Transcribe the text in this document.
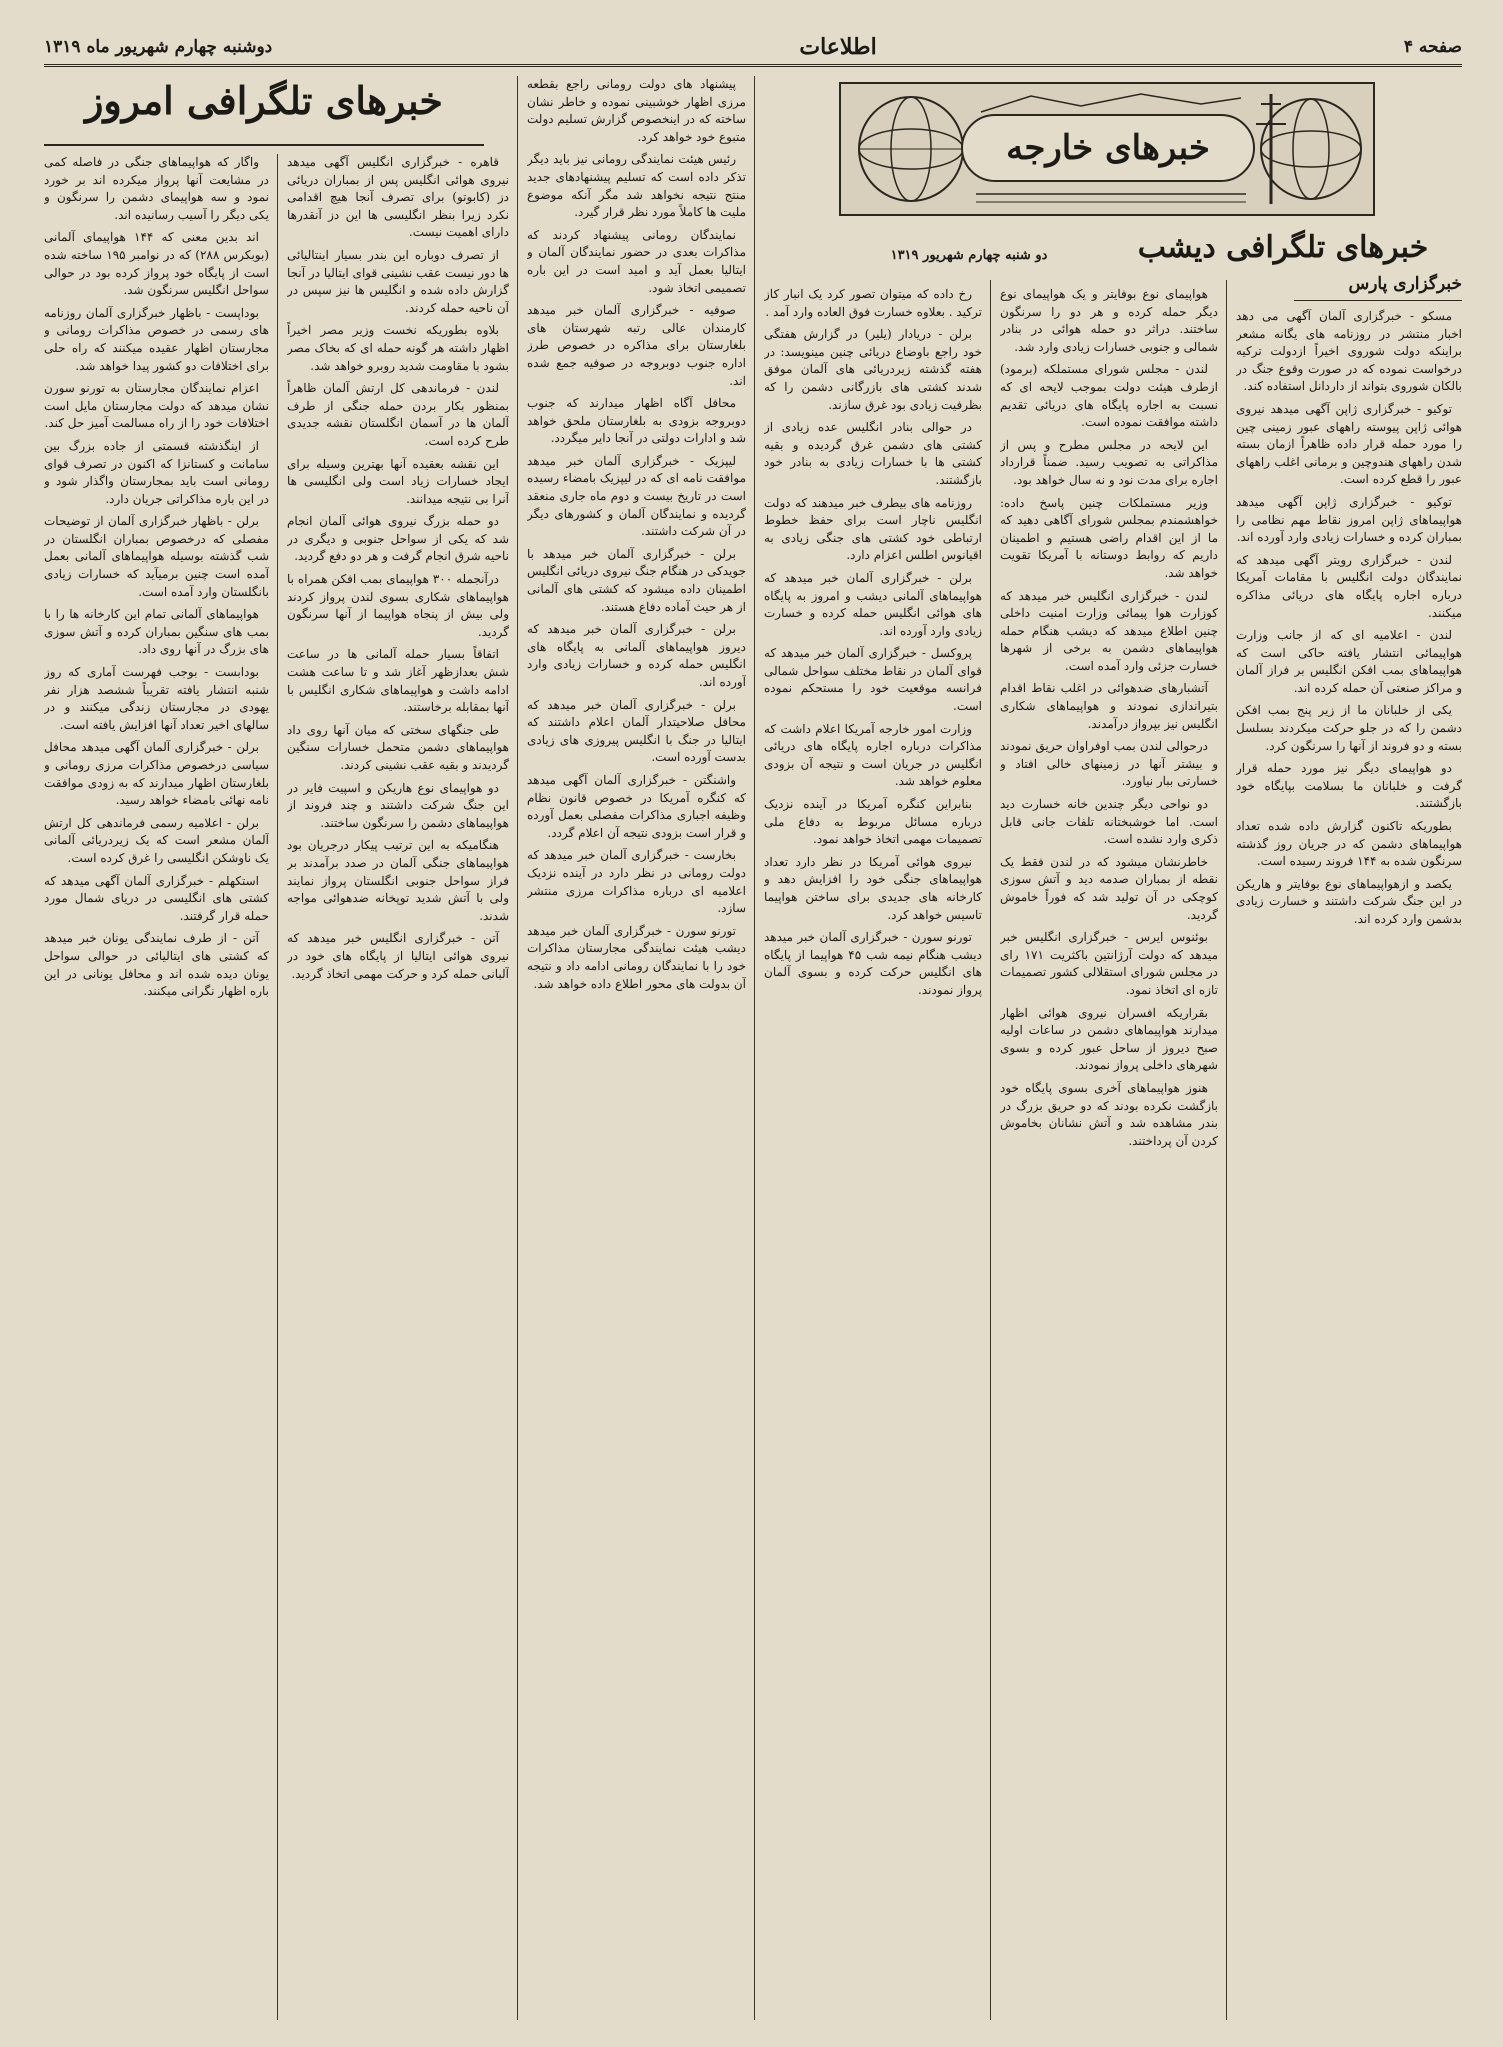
صفحه ۴
اطلاعات
دوشنبه چهارم شهریور ماه ۱۳۱۹
خبرهای خارجه
خبرهای تلگرافی امروز
خبرهای تلگرافی دیشب
دو شنبه چهارم شهریور ۱۳۱۹
خبرگزاری پارس

مسکو - خبرگزاری آلمان آگهی می دهد اخبار منتشر در روزنامه های یگانه مشعر براینکه دولت شوروی اخیراً ازدولت ترکیه درخواست نموده که در صورت وقوع جنگ در بالکان شوروی بتواند از داردانل استفاده کند.

توکیو - خبرگزاری ژاپن آگهی میدهد نیروی هوائی ژاپن پیوسته راههای عبور زمینی چین را مورد حمله قرار داده ظاهراً ازمان بسته شدن راههای هندوچین و برمانی اغلب راههای عبور را قطع کرده است.

توکیو - خبرگزاری ژاپن آگهی میدهد هواپیماهای ژاپن امروز نقاط مهم نظامی را بمباران کرده و خسارات زیادی وارد آورده اند.

لندن - خبرگزاری رویتر آگهی میدهد که نمایندگان دولت انگلیس با مقامات آمریکا درباره اجاره پایگاه های دریائی مذاکره میکنند.

لندن - اعلامیه ای که از جانب وزارت هواپیمائی انتشار یافته حاکی است که هواپیماهای بمب افکن انگلیس بر فراز آلمان و مراکز صنعتی آن حمله کرده اند.

یکی از خلبانان ما از زیر پنج بمب افکن دشمن را که در جلو حرکت میکردند بسلسل بسته و دو فروند از آنها را سرنگون کرد.

دو هواپیمای دیگر نیز مورد حمله قرار گرفت و خلبانان ما بسلامت بپایگاه خود بازگشتند.

بطوریکه تاکنون گزارش داده شده تعداد هواپیماهای دشمن که در جریان روز گذشته سرنگون شده به ۱۴۴ فروند رسیده است.

یکصد و ازهواپیماهای نوع بوفایتر و هاریکن در این جنگ شرکت داشتند و خسارت زیادی بدشمن وارد کرده اند.

هواپیمای نوع بوفایتر و یک هواپیمای نوع دیگر حمله کرده و هر دو را سرنگون ساختند. دراثر دو حمله هوائی در بنادر شمالی و جنوبی خسارات زیادی وارد شد.

لندن - مجلس شورای مستملکه (برمود) ازطرف هیئت دولت بموجب لایحه ای که نسبت به اجاره پایگاه های دریائی تقدیم داشته موافقت نموده است.

این لایحه در مجلس مطرح و پس از مذاکراتی به تصویب رسید. ضمناً قرارداد اجاره برای مدت نود و نه سال خواهد بود.

وزیر مستملکات چنین پاسخ داده: خواهشمندم بمجلس شورای آگاهی دهید که ما از این اقدام راضی هستیم و اطمینان داریم که روابط دوستانه با آمریکا تقویت خواهد شد.

لندن - خبرگزاری انگلیس خبر میدهد که کوزارت هوا پیمائی وزارت امنیت داخلی چنین اطلاع میدهد که دیشب هنگام حمله هواپیماهای دشمن به برخی از شهرها خسارت جزئی وارد آمده است.

آتشبارهای ضدهوائی در اغلب نقاط اقدام بتیراندازی نمودند و هواپیماهای شکاری انگلیس نیز بپرواز درآمدند.

درحوالی لندن بمب اوفراوان حریق نمودند و بیشتر آنها در زمینهای خالی افتاد و خسارتی ببار نیاورد.

دو نواحی دیگر چندین خانه خسارت دید است. اما خوشبختانه تلفات جانی قابل ذکری وارد نشده است.

خاطرنشان میشود که در لندن فقط یک نقطه از بمباران صدمه دید و آتش سوزی کوچکی در آن تولید شد که فوراً خاموش گردید.

بوئنوس ایرس - خبرگزاری انگلیس خبر میدهد که دولت آرژانتین باکثریت ۱۷۱ رای در مجلس شورای استقلالی کشور تصمیمات تازه ای اتخاذ نمود.

بقراریکه افسران نیروی هوائی اظهار میدارند هواپیماهای دشمن در ساعات اولیه صبح دیروز از ساحل عبور کرده و بسوی شهرهای داخلی پرواز نمودند.

هنوز هواپیماهای آخری بسوی پایگاه خود بازگشت نکرده بودند که دو حریق بزرگ در بندر مشاهده شد و آتش نشانان بخاموش کردن آن پرداختند.

رخ داده که میتوان تصور کرد یک انبار کاز ترکید . بعلاوه خسارت فوق العاده وارد آمد .

برلن - دریادار (یلیر) در گزارش هفتگی خود راجع باوضاع دریائی چنین مینویسد: در هفته گذشته زیردریائی های آلمان موفق شدند کشتی های بازرگانی دشمن را که بظرفیت زیادی بود غرق سازند.

در حوالی بنادر انگلیس عده زیادی از کشتی های دشمن غرق گردیده و بقیه کشتی ها با خسارات زیادی به بنادر خود بازگشتند.

روزنامه های بیطرف خبر میدهند که دولت انگلیس ناچار است برای حفظ خطوط ارتباطی خود کشتی های جنگی زیادی به اقیانوس اطلس اعزام دارد.

برلن - خبرگزاری آلمان خبر میدهد که هواپیماهای آلمانی دیشب و امروز به پایگاه های هوائی انگلیس حمله کرده و خسارت زیادی وارد آورده اند.

پروکسل - خبرگزاری آلمان خبر میدهد که قوای آلمان در نقاط مختلف سواحل شمالی فرانسه موقعیت خود را مستحکم نموده است.

وزارت امور خارجه آمریکا اعلام داشت که مذاکرات درباره اجاره پایگاه های دریائی انگلیس در جریان است و نتیجه آن بزودی معلوم خواهد شد.

بنابراین کنگره آمریکا در آینده نزدیک درباره مسائل مربوط به دفاع ملی تصمیمات مهمی اتخاذ خواهد نمود.

نیروی هوائی آمریکا در نظر دارد تعداد هواپیماهای جنگی خود را افزایش دهد و کارخانه های جدیدی برای ساختن هواپیما تاسیس خواهد کرد.

تورنو سورن - خبرگزاری آلمان خبر میدهد دیشب هنگام نیمه شب ۴۵ هواپیما از پایگاه های انگلیس حرکت کرده و بسوی آلمان پرواز نمودند.

پیشنهاد های دولت رومانی راجع بقطعه مرزی اظهار خوشبینی نموده و خاطر نشان ساخته که در اینخصوص گزارش تسلیم دولت متبوع خود خواهد کرد.

رئیس هیئت نمایندگی رومانی نیز باید دیگر تذکر داده است که تسلیم پیشنهادهای جدید منتج نتیجه نخواهد شد مگر آنکه موضوع ملیت ها کاملاً مورد نظر قرار گیرد.

نمایندگان رومانی پیشنهاد کردند که مذاکرات بعدی در حضور نمایندگان آلمان و ایتالیا بعمل آید و امید است در این باره تصمیمی اتخاذ شود.

صوفیه - خبرگزاری آلمان خبر میدهد کارمندان عالی رتبه شهرستان های بلغارستان برای مذاکره در خصوص طرز اداره جنوب دوبروجه در صوفیه جمع شده اند.

محافل آگاه اظهار میدارند که جنوب دوبروجه بزودی به بلغارستان ملحق خواهد شد و ادارات دولتی در آنجا دایر میگردد.

لیپزیک - خبرگزاری آلمان خبر میدهد موافقت نامه ای که در لیپزیک بامضاء رسیده است در تاریخ بیست و دوم ماه جاری منعقد گردیده و نمایندگان آلمان و کشورهای دیگر در آن شرکت داشتند.

برلن - خبرگزاری آلمان خبر میدهد با جویدکی در هنگام جنگ نیروی دریائی انگلیس اطمینان داده میشود که کشتی های آلمانی از هر حیث آماده دفاع هستند.

برلن - خبرگزاری آلمان خبر میدهد که دیروز هواپیماهای آلمانی به پایگاه های انگلیس حمله کرده و خسارات زیادی وارد آورده اند.

برلن - خبرگزاری آلمان خبر میدهد که محافل صلاحیتدار آلمان اعلام داشتند که ایتالیا در جنگ با انگلیس پیروزی های زیادی بدست آورده است.

واشنگتن - خبرگزاری آلمان آگهی میدهد که کنگره آمریکا در خصوص قانون نظام وظیفه اجباری مذاکرات مفصلی بعمل آورده و قرار است بزودی نتیجه آن اعلام گردد.

بخارست - خبرگزاری آلمان خبر میدهد که دولت رومانی در نظر دارد در آینده نزدیک اعلامیه ای درباره مذاکرات مرزی منتشر سازد.

تورنو سورن - خبرگزاری آلمان خبر میدهد دیشب هیئت نمایندگی مجارستان مذاکرات خود را با نمایندگان رومانی ادامه داد و نتیجه آن بدولت های محور اطلاع داده خواهد شد.

قاهره - خبرگزاری انگلیس آگهی میدهد نیروی هوائی انگلیس پس از بمباران دریائی دز (کابوتو) برای تصرف آنجا هیچ اقدامی نکرد زیرا بنظر انگلیسی ها این دز آنقدرها دارای اهمیت نیست.

از تصرف دوباره این بندر بسیار اینتالیائی ها دور نیست عقب نشینی قوای ایتالیا در آنجا گزارش داده شده و انگلیس ها نیز سپس در آن ناحیه حمله کردند.

بلاوه بطوریکه نخست وزیر مصر اخیراً اظهار داشته هر گونه حمله ای که بخاک مصر بشود با مقاومت شدید روبرو خواهد شد.

لندن - فرماندهی کل ارتش آلمان ظاهراً بمنظور بکار بردن حمله جنگی از طرف آلمان ها در آسمان انگلستان نقشه جدیدی طرح کرده است.

این نقشه بعقیده آنها بهترین وسیله برای ایجاد خسارات زیاد است ولی انگلیسی ها آنرا بی نتیجه میدانند.

دو حمله بزرگ نیروی هوائی آلمان انجام شد که یکی از سواحل جنوبی و دیگری در ناحیه شرق انجام گرفت و هر دو دفع گردید.

درآنجمله ۳۰۰ هواپیمای بمب افکن همراه با هواپیماهای شکاری بسوی لندن پرواز کردند ولی بیش از پنجاه هواپیما از آنها سرنگون گردید.

اتفاقاً بسیار حمله آلمانی ها در ساعت شش بعدازظهر آغاز شد و تا ساعت هشت ادامه داشت و هواپیماهای شکاری انگلیس با آنها بمقابله برخاستند.

طی جنگهای سختی که میان آنها روی داد هواپیماهای دشمن متحمل خسارات سنگین گردیدند و بقیه عقب نشینی کردند.

دو هواپیمای نوع هاریکن و اسپیت فایر در این جنگ شرکت داشتند و چند فروند از هواپیماهای دشمن را سرنگون ساختند.

هنگامیکه به این ترتیب پیکار درجریان بود هواپیماهای جنگی آلمان در صدد برآمدند بر فراز سواحل جنوبی انگلستان پرواز نمایند ولی با آتش شدید توپخانه ضدهوائی مواجه شدند.

آتن - خبرگزاری انگلیس خبر میدهد که نیروی هوائی ایتالیا از پایگاه های خود در آلبانی حمله کرد و حرکت مهمی اتخاذ گردید.

واگار که هواپیماهای جنگی در فاصله کمی در مشایعت آنها پرواز میکرده اند بر خورد نمود و سه هواپیمای دشمن را سرنگون و یکی دیگر را آسیب رسانیده اند.

اند بدین معنی که ۱۴۴ هواپیمای آلمانی (بوبکرس ۲۸۸) که در نوامبر ۱۹۵ ساخته شده است از پایگاه خود پرواز کرده بود در حوالی سواحل انگلیس سرنگون شد.

بوداپست - باظهار خبرگزاری آلمان روزنامه های رسمی در خصوص مذاکرات رومانی و مجارستان اظهار عقیده میکنند که راه حلی برای اختلافات دو کشور پیدا خواهد شد.

اعزام نمایندگان مجارستان به تورنو سورن نشان میدهد که دولت مجارستان مایل است اختلافات خود را از راه مسالمت آمیز حل کند.

از اینگذشته قسمتی از جاده بزرگ بین سامانت و کستانزا که اکنون در تصرف قوای رومانی است باید بمجارستان واگذار شود و در این باره مذاکراتی جریان دارد.

برلن - باظهار خبرگزاری آلمان از توضیحات مفصلی که درخصوص بمباران انگلستان در شب گذشته بوسیله هواپیماهای آلمانی بعمل آمده است چنین برمیآید که خسارات زیادی بانگلستان وارد آمده است.

هواپیماهای آلمانی تمام این کارخانه ها را با بمب های سنگین بمباران کرده و آتش سوزی های بزرگ در آنها روی داد.

بودابست - بوجب فهرست آماری که روز شنبه انتشار یافته تقریباً ششصد هزار نفر یهودی در مجارستان زندگی میکنند و در سالهای اخیر تعداد آنها افزایش یافته است.

برلن - خبرگزاری آلمان آگهی میدهد محافل سیاسی درخصوص مذاکرات مرزی رومانی و بلغارستان اظهار میدارند که به زودی موافقت نامه نهائی بامضاء خواهد رسید.

برلن - اعلامیه رسمی فرماندهی کل ارتش آلمان مشعر است که یک زیردریائی آلمانی یک ناوشکن انگلیسی را غرق کرده است.

استکهلم - خبرگزاری آلمان آگهی میدهد که کشتی های انگلیسی در دریای شمال مورد حمله قرار گرفتند.

آتن - از طرف نمایندگی یونان خبر میدهد که کشتی های ایتالیائی در حوالی سواحل یونان دیده شده اند و محافل یونانی در این باره اظهار نگرانی میکنند.
